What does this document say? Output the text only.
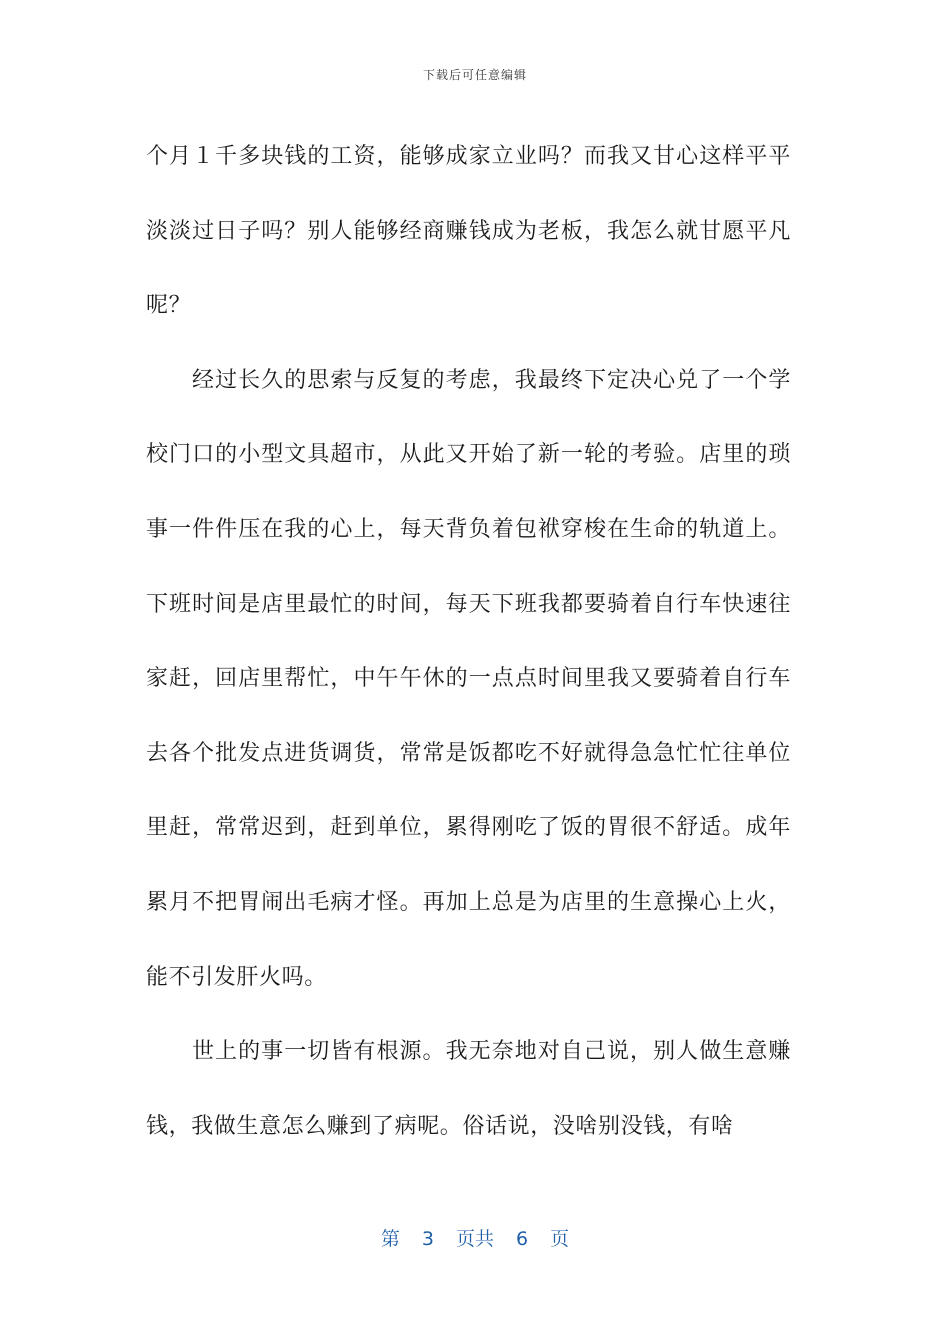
下载后可任意编辑

个月１千多块钱的工资，能够成家立业吗？而我又甘心这样平平淡淡过日子吗？别人能够经商赚钱成为老板，我怎么就甘愿平凡呢？

经过长久的思索与反复的考虑，我最终下定决心兑了一个学校门口的小型文具超市，从此又开始了新一轮的考验。店里的琐事一件件压在我的心上，每天背负着包袱穿梭在生命的轨道上。下班时间是店里最忙的时间，每天下班我都要骑着自行车快速往家赶，回店里帮忙，中午午休的一点点时间里我又要骑着自行车去各个批发点进货调货，常常是饭都吃不好就得急急忙忙往单位里赶，常常迟到，赶到单位，累得刚吃了饭的胃很不舒适。成年累月不把胃闹出毛病才怪。再加上总是为店里的生意操心上火，能不引发肝火吗。

世上的事一切皆有根源。我无奈地对自己说，别人做生意赚钱，我做生意怎么赚到了病呢。俗话说，没啥别没钱，有啥

第 3 页共 6 页
